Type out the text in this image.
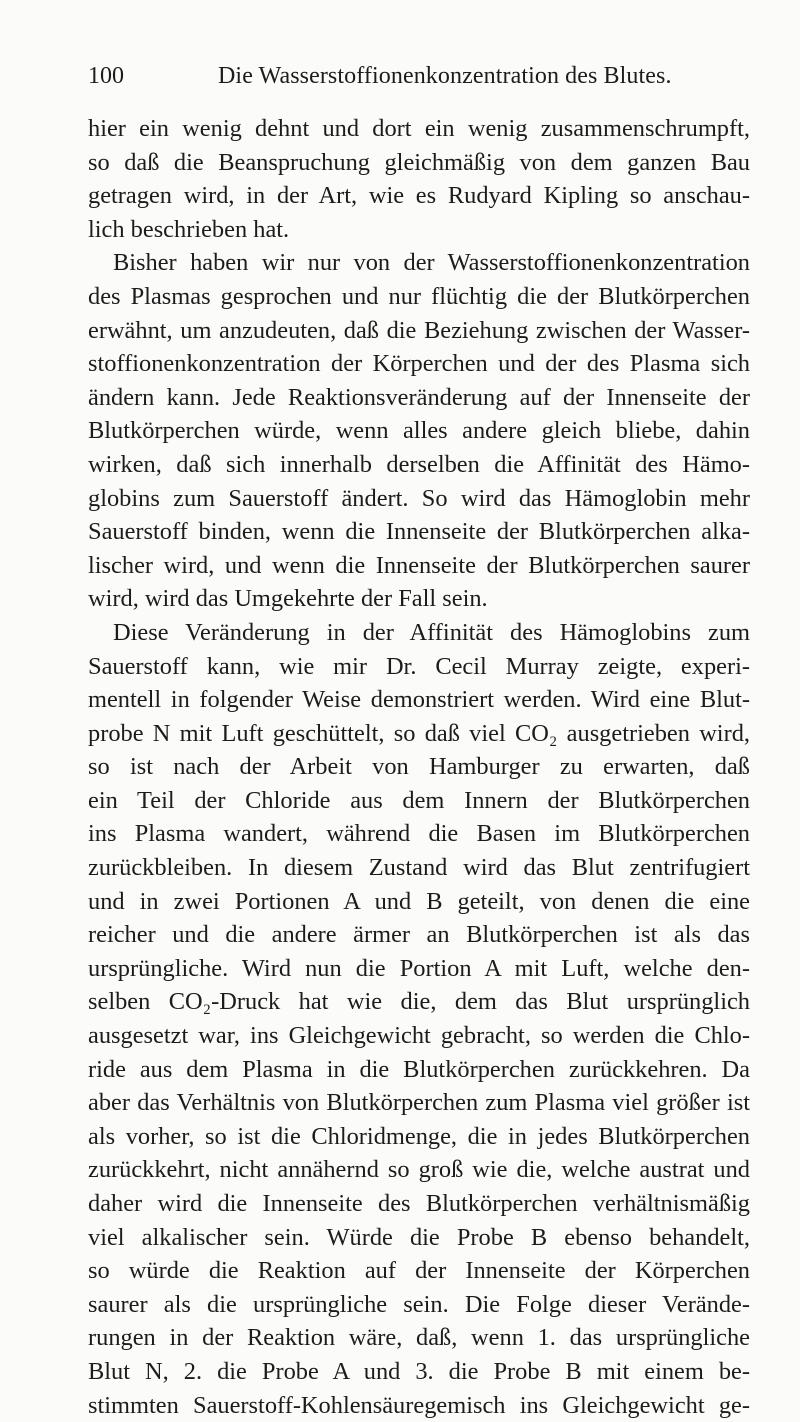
100	Die Wasserstoffionenkonzentration des Blutes.
hier ein wenig dehnt und dort ein wenig zusammenschrumpft,
so daß die Beanspruchung gleichmäßig von dem ganzen Bau
getragen wird, in der Art, wie es Rudyard Kipling so anschau-
lich beschrieben hat.
Bisher haben wir nur von der Wasserstoffionenkonzentration
des Plasmas gesprochen und nur flüchtig die der Blutkörperchen
erwähnt, um anzudeuten, daß die Beziehung zwischen der Wasser-
stoffionenkonzentration der Körperchen und der des Plasma sich
ändern kann. Jede Reaktionsveränderung auf der Innenseite der
Blutkörperchen würde, wenn alles andere gleich bliebe, dahin
wirken, daß sich innerhalb derselben die Affinität des Hämo-
globins zum Sauerstoff ändert. So wird das Hämoglobin mehr
Sauerstoff binden, wenn die Innenseite der Blutkörperchen alka-
lischer wird, und wenn die Innenseite der Blutkörperchen saurer
wird, wird das Umgekehrte der Fall sein.
Diese Veränderung in der Affinität des Hämoglobins zum
Sauerstoff kann, wie mir Dr. Cecil Murray zeigte, experi-
mentell in folgender Weise demonstriert werden. Wird eine Blut-
probe N mit Luft geschüttelt, so daß viel CO₂ ausgetrieben wird,
so ist nach der Arbeit von Hamburger zu erwarten, daß
ein Teil der Chloride aus dem Innern der Blutkörperchen
ins Plasma wandert, während die Basen im Blutkörperchen
zurückbleiben. In diesem Zustand wird das Blut zentrifugiert
und in zwei Portionen A und B geteilt, von denen die eine
reicher und die andere ärmer an Blutkörperchen ist als das
ursprüngliche. Wird nun die Portion A mit Luft, welche den-
selben CO₂-Druck hat wie die, dem das Blut ursprünglich
ausgesetzt war, ins Gleichgewicht gebracht, so werden die Chlo-
ride aus dem Plasma in die Blutkörperchen zurückkehren. Da
aber das Verhältnis von Blutkörperchen zum Plasma viel größer ist
als vorher, so ist die Chloridmenge, die in jedes Blutkörperchen
zurückkehrt, nicht annähernd so groß wie die, welche austrat und
daher wird die Innenseite des Blutkörperchen verhältnismäßig
viel alkalischer sein. Würde die Probe B ebenso behandelt,
so würde die Reaktion auf der Innenseite der Körperchen
saurer als die ursprüngliche sein. Die Folge dieser Verände-
rungen in der Reaktion wäre, daß, wenn 1. das ursprüngliche
Blut N, 2. die Probe A und 3. die Probe B mit einem be-
stimmten Sauerstoff-Kohlensäuregemisch ins Gleichgewicht ge-
